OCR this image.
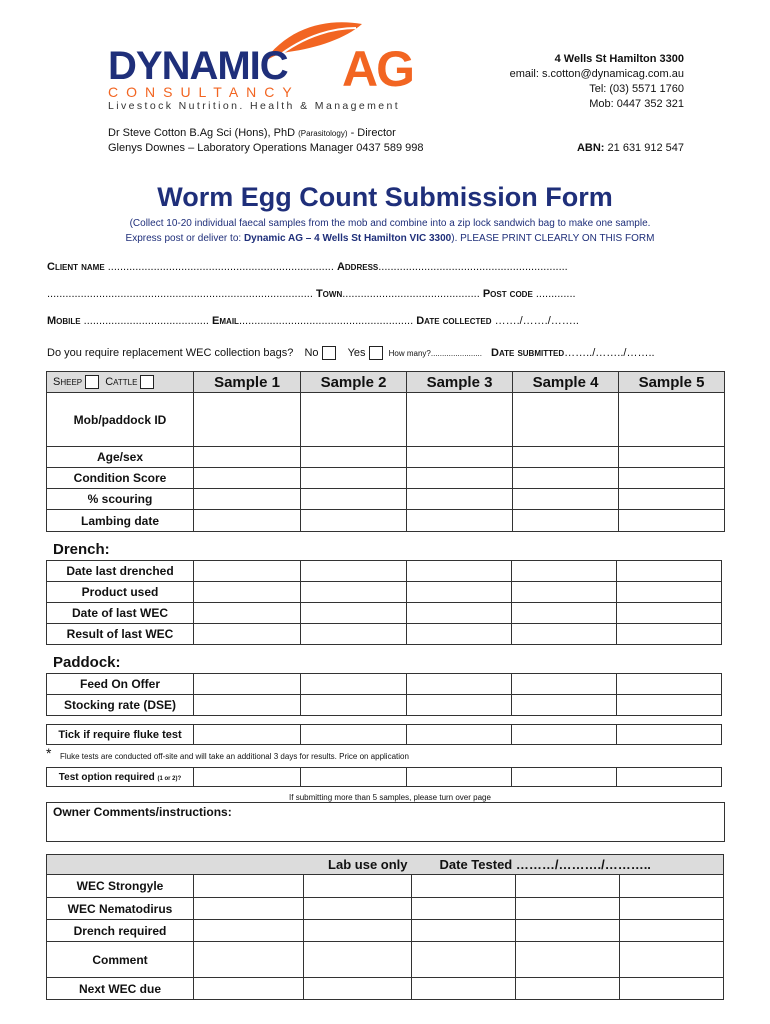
DYNAMIC AG
CONSULTANCY
Livestock Nutrition. Health & Management
4 Wells St Hamilton 3300
email: s.cotton@dynamicag.com.au
Tel: (03) 5571 1760
Mob: 0447 352 321
Dr Steve Cotton B.Ag Sci (Hons), PhD (Parasitology) - Director
Glenys Downes – Laboratory Operations Manager 0437 589 998	ABN: 21 631 912 547
Worm Egg Count Submission Form
(Collect 10-20 individual faecal samples from the mob and combine into a zip lock sandwich bag to make one sample.
Express post or deliver to: Dynamic AG – 4 Wells St Hamilton VIC 3300). PLEASE PRINT CLEARLY ON THIS FORM
Client name .......................................................................... Address..............................................................
....................................................................................... Town............................................. Post code .............
Mobile ......................................... Email......................................................... Date collected ……./……./……..
Do you require replacement WEC collection bags? No	Yes	How many?....................... Date submitted……../……../……..
Sheep Cattle	Sample 1	Sample 2	Sample 3	Sample 4	Sample 5
Mob/paddock ID					
Age/sex					
Condition Score					
% scouring					
Lambing date					
Drench:
Date last drenched					
Product used					
Date of last WEC					
Result of last WEC					
Paddock:
Feed On Offer					
Stocking rate (DSE)					
Tick if require fluke test					
* Fluke tests are conducted off-site and will take an additional 3 days for results. Price on application
Test option required (1 or 2)?					
If submitting more than 5 samples, please turn over page
Owner Comments/instructions:
Lab use only			Date Tested ………/………./………..		
WEC Strongyle					
WEC Nematodirus					
Drench required					
Comment					
Next WEC due					
